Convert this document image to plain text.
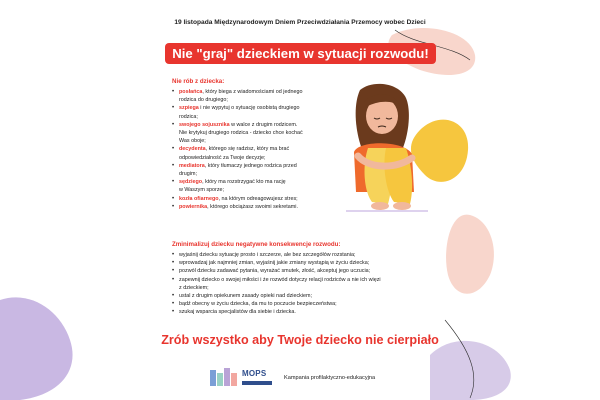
19 listopada Międzynarodowym Dniem Przeciwdziałania Przemocy wobec Dzieci
Nie "graj" dzieckiem w sytuacji rozwodu!
Nie rób z dziecka:
• posłańca, który biega z wiadomościami od jednego
rodzica do drugiego;
• szpiega i nie wypytuj o sytuację osobistą drugiego
rodzica;
• swojego sojusznika w walce z drugim rodzicem.
Nie krytykuj drugiego rodzica - dziecko chce kochać
Was oboje;
• decydenta, którego się radzisz, który ma brać
odpowiedzialność za Twoje decyzje;
• mediatora, który tłumaczy jednego rodzica przed
drugim;
• sędziego, który ma rozstrzygać kto ma rację
w Waszym sporze;
• kozła ofiarnego, na którym odreagowujesz stres;
• powiernika, którego obciążasz swoimi sekretami.
Zminimalizuj dziecku negatywne konsekwencje rozwodu:
• wyjaśnij dziecku sytuację prosto i szczerze, ale bez szczegółów rozstania;
• wprowadzaj jak najmniej zmian, wyjaśnij jakie zmiany wystąpią w życiu dziecka;
• pozwól dziecku zadawać pytania, wyrażać smutek, złość, akceptuj jego uczucia;
• zapewnij dziecko o swojej miłości i że rozwód dotyczy relacji rodziców a nie ich więzi
z dzieckiem;
• ustal z drugim opiekunem zasady opieki nad dzieckiem;
• bądź obecny w życiu dziecka, da mu to poczucie bezpieczeństwa;
• szukaj wsparcia specjalistów dla siebie i dziecka.
Zrób wszystko aby Twoje dziecko nie cierpiało
MOPS	Kampania profilaktyczno-edukacyjna
